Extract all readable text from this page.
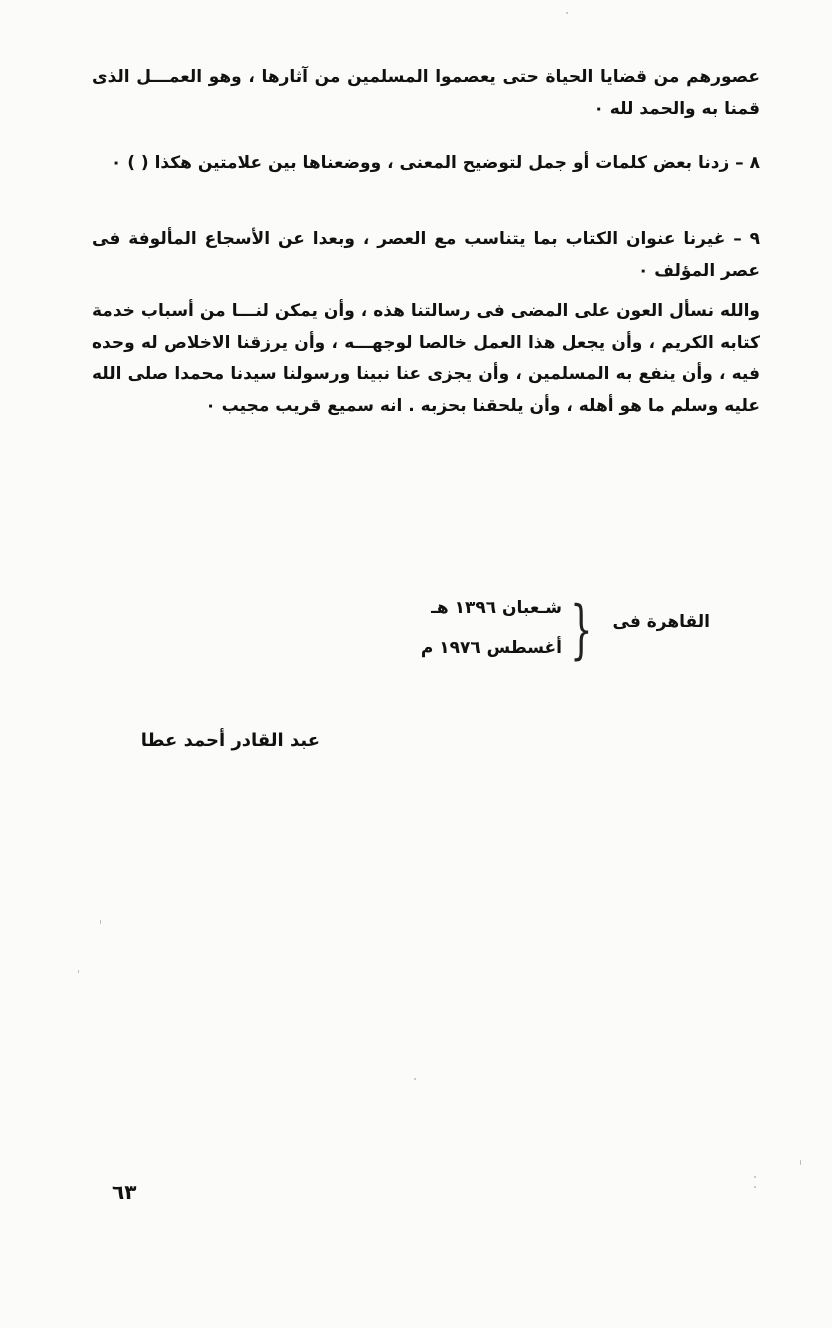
عصورهم من قضايا الحياة حتى يعصموا المسلمين من آثارها ، وهو العمـــل الذى قمنا به والحمد لله ٠

٨ – زدنا بعض كلمات أو جمل لتوضيح المعنى ، ووضعناها بين علامتين هكذا ( ) ٠

٩ – غيرنا عنوان الكتاب بما يتناسب مع العصر ، وبعدا عن الأسجاع المألوفة فى عصر المؤلف ٠

والله نسأل العون على المضى فى رسالتنا هذه ، وأن يمكن لنـــا من أسباب خدمة كتابه الكريم ، وأن يجعل هذا العمل خالصا لوجهـــه ، وأن يرزقنا الاخلاص له وحده فيه ، وأن ينفع به المسلمين ، وأن يجزى عنا نبينا ورسولنا سيدنا محمدا صلى الله عليه وسلم ما هو أهله ، وأن يلحقنا بحزبه . انه سميع قريب مجيب ٠

القاهرة فى
{
شـعبان ١٣٩٦ هـ
أغسطس ١٩٧٦ م
عبد القادر أحمد عطا
٦٣
